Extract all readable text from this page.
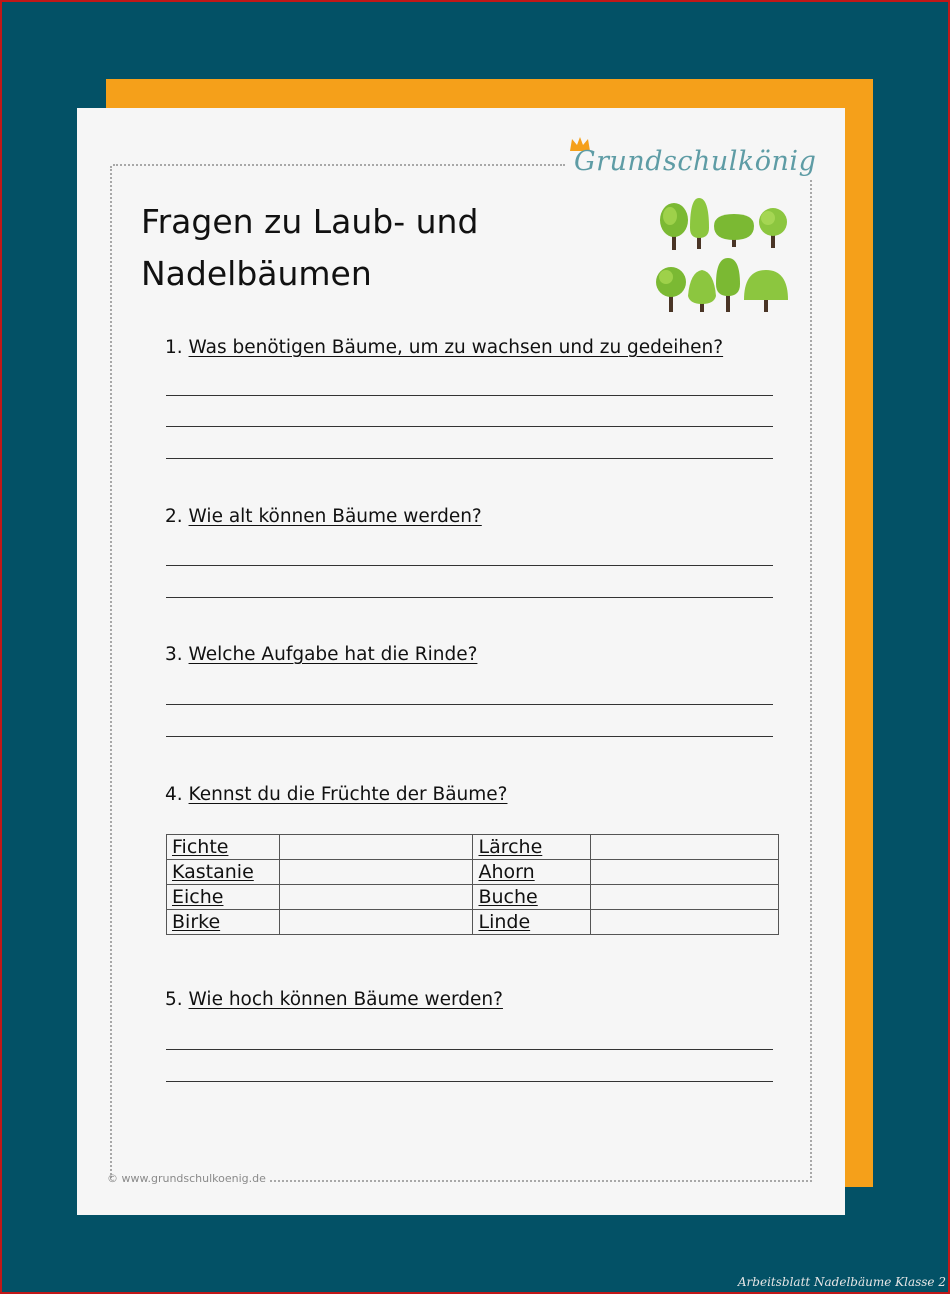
Grundschulkönig
Fragen zu Laub- und
Nadelbäumen
1. Was benötigen Bäume, um zu wachsen und zu gedeihen?
2. Wie alt können Bäume werden?
3. Welche Aufgabe hat die Rinde?
4. Kennst du die Früchte der Bäume?
Fichte		Lärche	
Kastanie		Ahorn	
Eiche		Buche	
Birke		Linde	
5. Wie hoch können Bäume werden?
© www.grundschulkoenig.de
Arbeitsblatt Nadelbäume Klasse 2
